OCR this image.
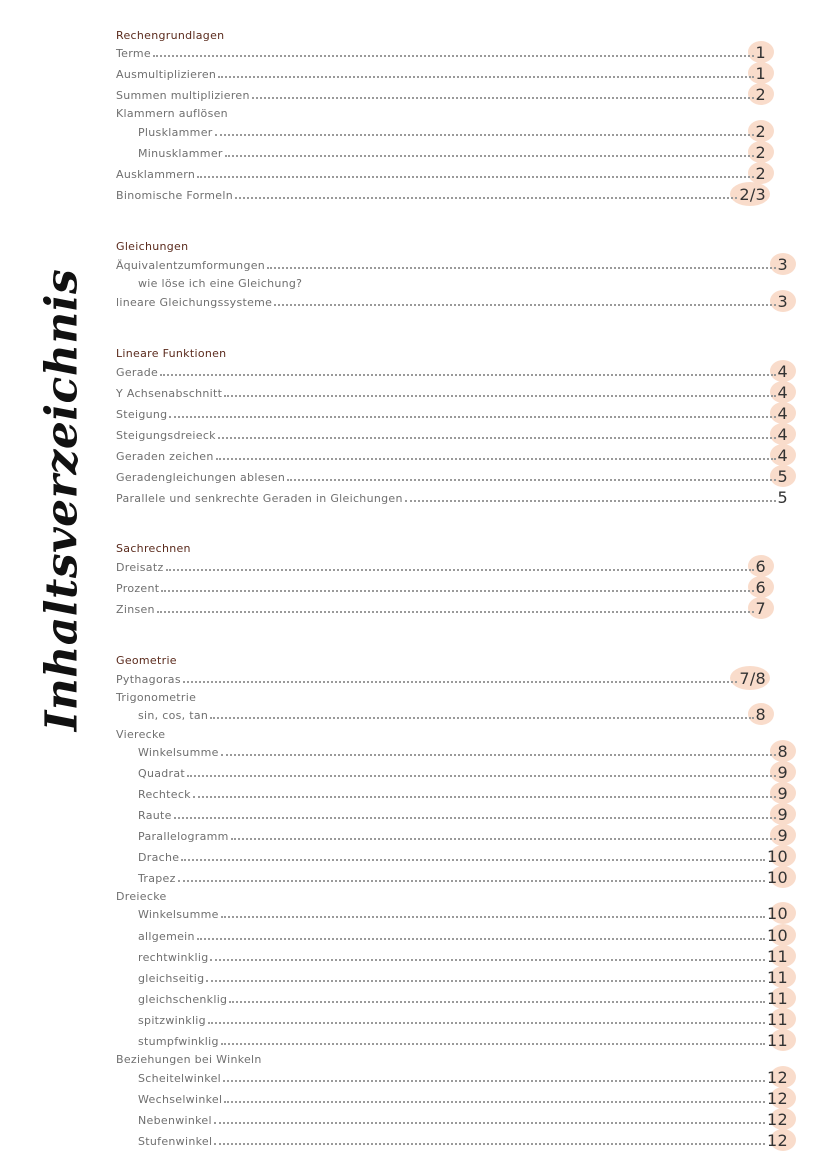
Inhaltsverzeichnis
Rechengrundlagen
Terme	1
Ausmultiplizieren	1
Summen multiplizieren	2
Klammern auflösen
Plusklammer	2
Minusklammer	2
Ausklammern	2
Binomische Formeln	2/3
Gleichungen
Äquivalentzumformungen	3
wie löse ich eine Gleichung?
lineare Gleichungssysteme	3
Lineare Funktionen
Gerade	4
Y Achsenabschnitt	4
Steigung	4
Steigungsdreieck	4
Geraden zeichen	4
Geradengleichungen ablesen	5
Parallele und senkrechte Geraden in Gleichungen	5
Sachrechnen
Dreisatz	6
Prozent	6
Zinsen	7
Geometrie
Pythagoras	7/8
Trigonometrie
sin, cos, tan	8
Vierecke
Winkelsumme	8
Quadrat	9
Rechteck	9
Raute	9
Parallelogramm	9
Drache	10
Trapez	10
Dreiecke
Winkelsumme	10
allgemein	10
rechtwinklig	11
gleichseitig	11
gleichschenklig	11
spitzwinklig	11
stumpfwinklig	11
Beziehungen bei Winkeln
Scheitelwinkel	12
Wechselwinkel	12
Nebenwinkel	12
Stufenwinkel	12
